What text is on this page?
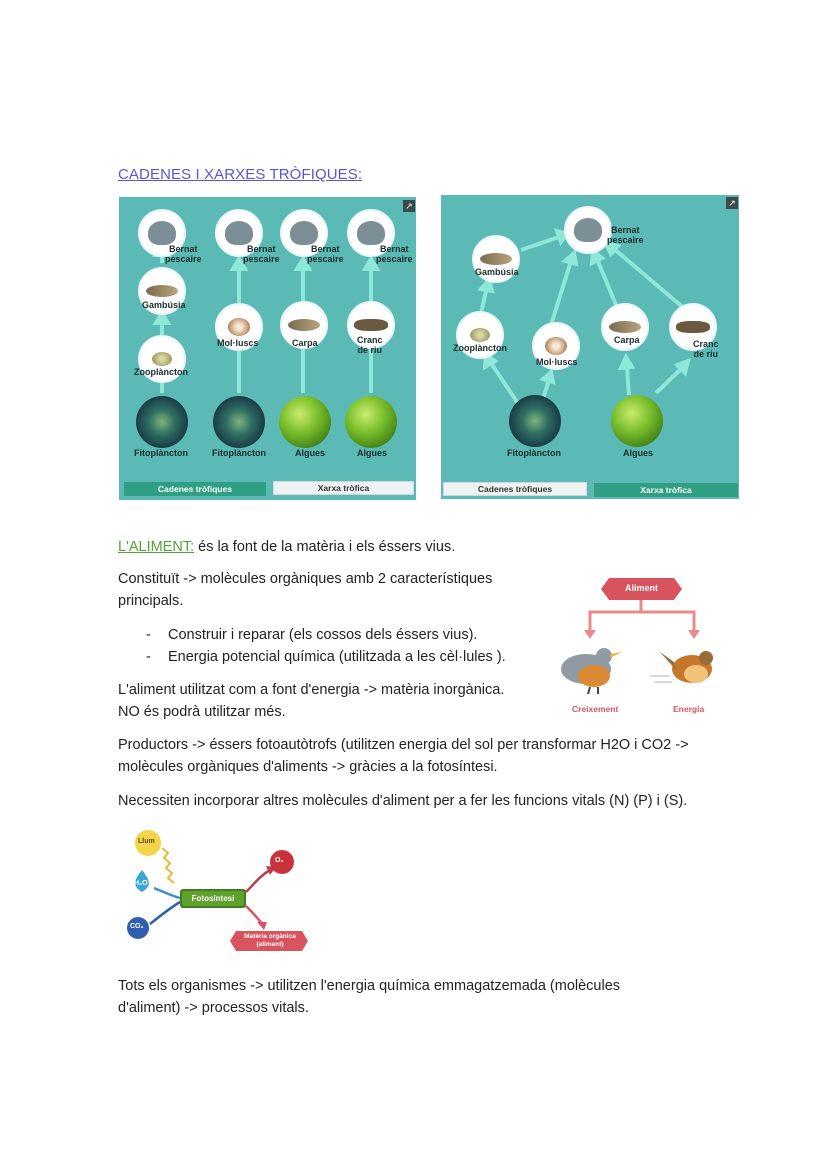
CADENES I XARXES TRÒFIQUES:
↗
Bernat
pescaire
Gambúsia
Zooplàncton
Fitoplàncton
Bernat
pescaire
Mol·luscs
Fitoplàncton
Bernat
pescaire
Carpa
Algues
Bernat
pescaire
Cranc
de riu
Algues
Cadenes tròfiques	Xarxa tròfica
↗
Bernat
pescaire
Gambúsia
Zooplàncton
Mol·luscs
Carpa	Cranc
de riu
Fitoplàncton	Algues
Cadenes tròfiques	Xarxa tròfica
L'ALIMENT: és la font de la matèria i els éssers vius.
Constituït -> molècules orgàniques amb 2 característiques principals.
- Construir i reparar (els cossos dels éssers vius).
- Energia potencial química (utilitzada a les cèl·lules ).
L'aliment utilitzat com a font d'energia -> matèria inorgànica.
NO és podrà utilitzar més.
Aliment
Creixement	Energia
Productors -> éssers fotoautòtrofs (utilitzen energia del sol per transformar H2O i CO2 -> molècules orgàniques d'aliments -> gràcies a la fotosíntesi.
Necessiten incorporar altres molècules d'aliment per a fer les funcions vitals (N) (P) i (S).
Llum
H₂O
CO₂
Fotosíntesi
O₂
Matèria orgànica
(aliment)
Tots els organismes -> utilitzen l'energia química emmagatzemada (molècules d'aliment) -> processos vitals.
